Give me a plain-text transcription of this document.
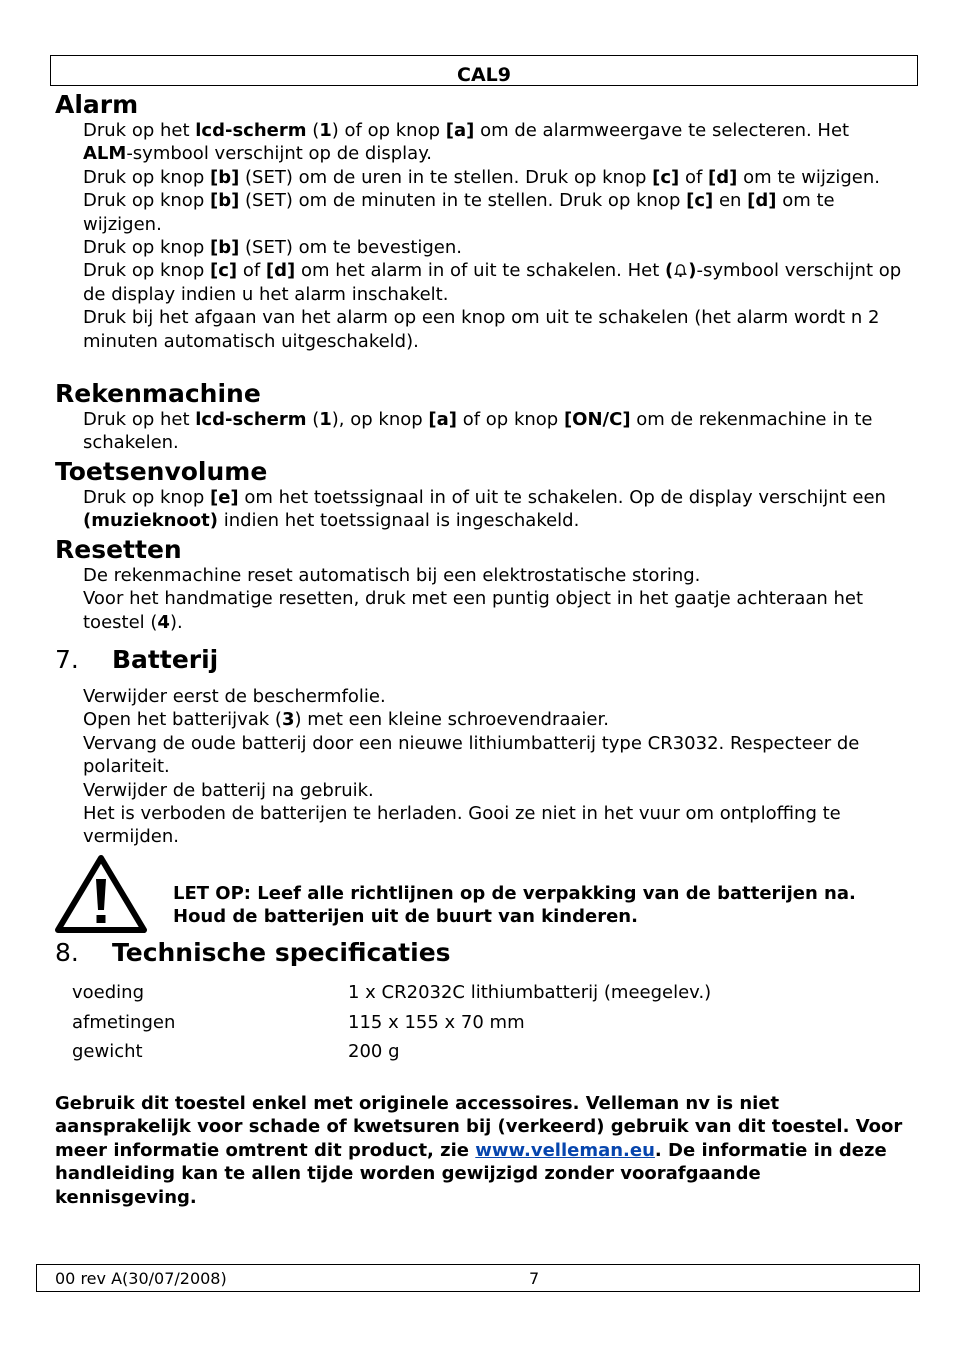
CAL9
Alarm

Druk op het lcd-scherm (1) of op knop [a] om de alarmweergave te selecteren. Het
ALM-symbool verschijnt op de display.

Druk op knop [b] (SET) om de uren in te stellen. Druk op knop [c] of [d] om te wijzigen.

Druk op knop [b] (SET) om de minuten in te stellen. Druk op knop [c] en [d] om te wijzigen.

Druk op knop [b] (SET) om te bevestigen.

Druk op knop [c] of [d] om het alarm in of uit te schakelen. Het ( )-symbool verschijnt op de display indien u het alarm inschakelt.

Druk bij het afgaan van het alarm op een knop om uit te schakelen (het alarm wordt n 2 minuten automatisch uitgeschakeld).

Rekenmachine

Druk op het lcd-scherm (1), op knop [a] of op knop [ON/C] om de rekenmachine in te schakelen.

Toetsenvolume

Druk op knop [e] om het toetssignaal in of uit te schakelen. Op de display verschijnt een (muzieknoot) indien het toetssignaal is ingeschakeld.

Resetten

De rekenmachine reset automatisch bij een elektrostatische storing.

Voor het handmatige resetten, druk met een puntig object in het gaatje achteraan het toestel (4).

7. Batterij

Verwijder eerst de beschermfolie.

Open het batterijvak (3) met een kleine schroevendraaier.

Vervang de oude batterij door een nieuwe lithiumbatterij type CR3032. Respecteer de polariteit.

Verwijder de batterij na gebruik.

Het is verboden de batterijen te herladen. Gooi ze niet in het vuur om ontploffing te vermijden.

LET OP: Leef alle richtlijnen op de verpakking van de batterijen na.
Houd de batterijen uit de buurt van kinderen.
8. Technische specificaties
voeding	1 x CR2032C lithiumbatterij (meegelev.)
afmetingen	115 x 155 x 70 mm
gewicht	200 g
Gebruik dit toestel enkel met originele accessoires. Velleman nv is niet aansprakelijk voor schade of kwetsuren bij (verkeerd) gebruik van dit toestel. Voor meer informatie omtrent dit product, zie www.velleman.eu. De informatie in deze handleiding kan te allen tijde worden gewijzigd zonder voorafgaande kennisgeving.
00 rev A(30/07/2008)	7
